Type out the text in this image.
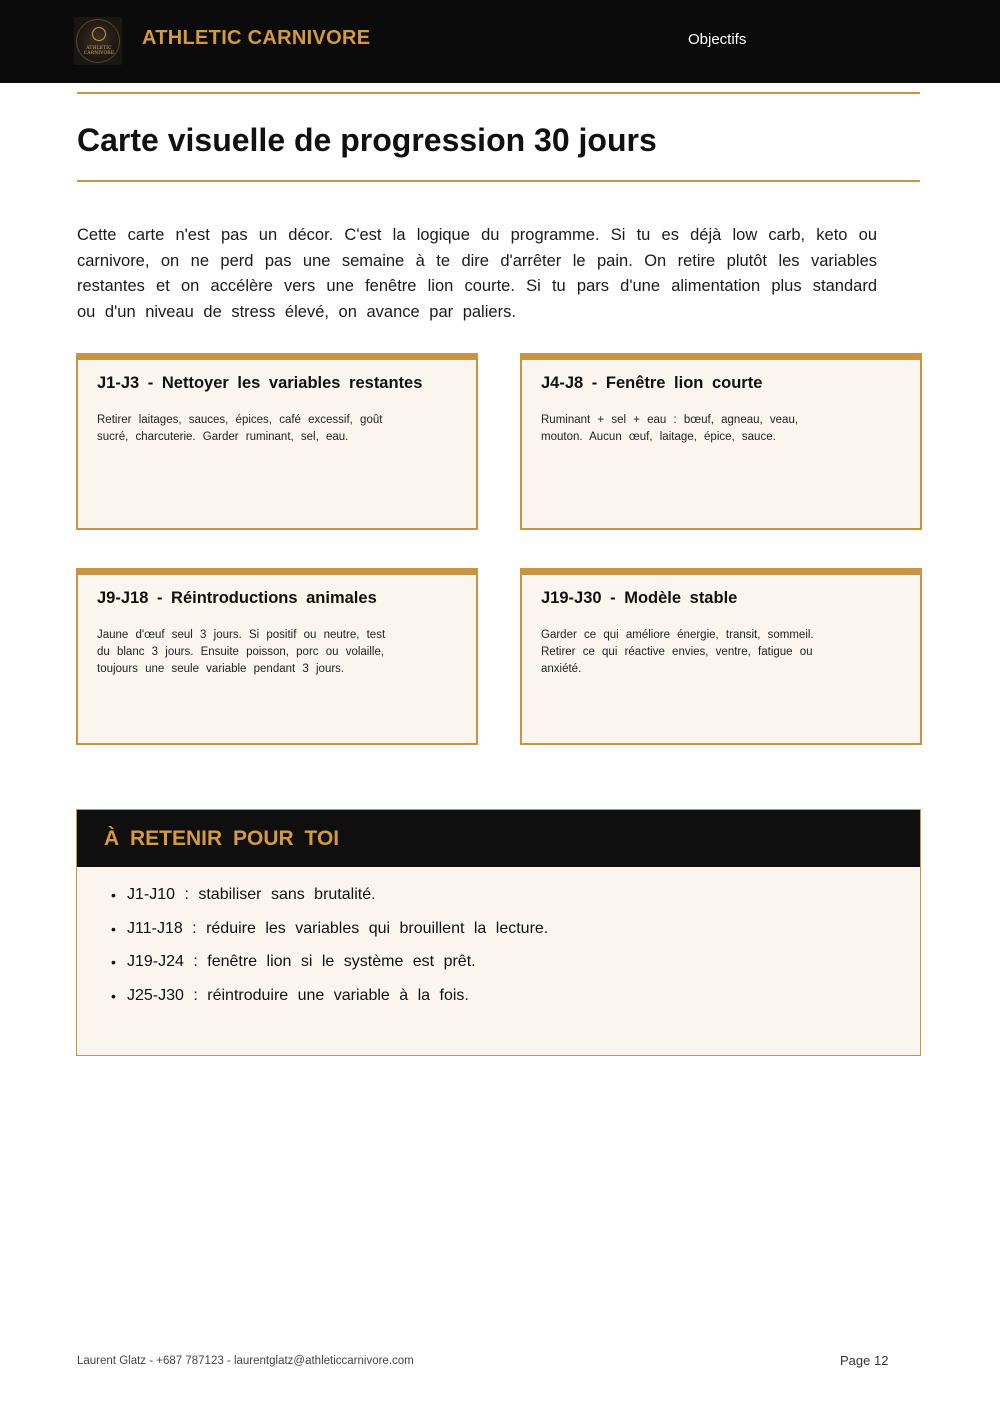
ATHLETIC
CARNIVORE
ATHLETIC CARNIVORE	Objectifs
Carte visuelle de progression 30 jours

Cette carte n'est pas un décor. C'est la logique du programme. Si tu es déjà low carb, keto ou carnivore, on ne perd pas une semaine à te dire d'arrêter le pain. On retire plutôt les variables restantes et on accélère vers une fenêtre lion courte. Si tu pars d'une alimentation plus standard ou d'un niveau de stress élevé, on avance par paliers.

J1-J3 - Nettoyer les variables restantes

Retirer laitages, sauces, épices, café excessif, goût sucré, charcuterie. Garder ruminant, sel, eau.

J4-J8 - Fenêtre lion courte

Ruminant + sel + eau : bœuf, agneau, veau, mouton. Aucun œuf, laitage, épice, sauce.

J9-J18 - Réintroductions animales

Jaune d'œuf seul 3 jours. Si positif ou neutre, test du blanc 3 jours. Ensuite poisson, porc ou volaille, toujours une seule variable pendant 3 jours.

J19-J30 - Modèle stable

Garder ce qui améliore énergie, transit, sommeil. Retirer ce qui réactive envies, ventre, fatigue ou anxiété.

À RETENIR POUR TOI
• J1-J10 : stabiliser sans brutalité.
• J11-J18 : réduire les variables qui brouillent la lecture.
• J19-J24 : fenêtre lion si le système est prêt.
• J25-J30 : réintroduire une variable à la fois.
Laurent Glatz - +687 787123 - laurentglatz@athleticcarnivore.com	Page 12
